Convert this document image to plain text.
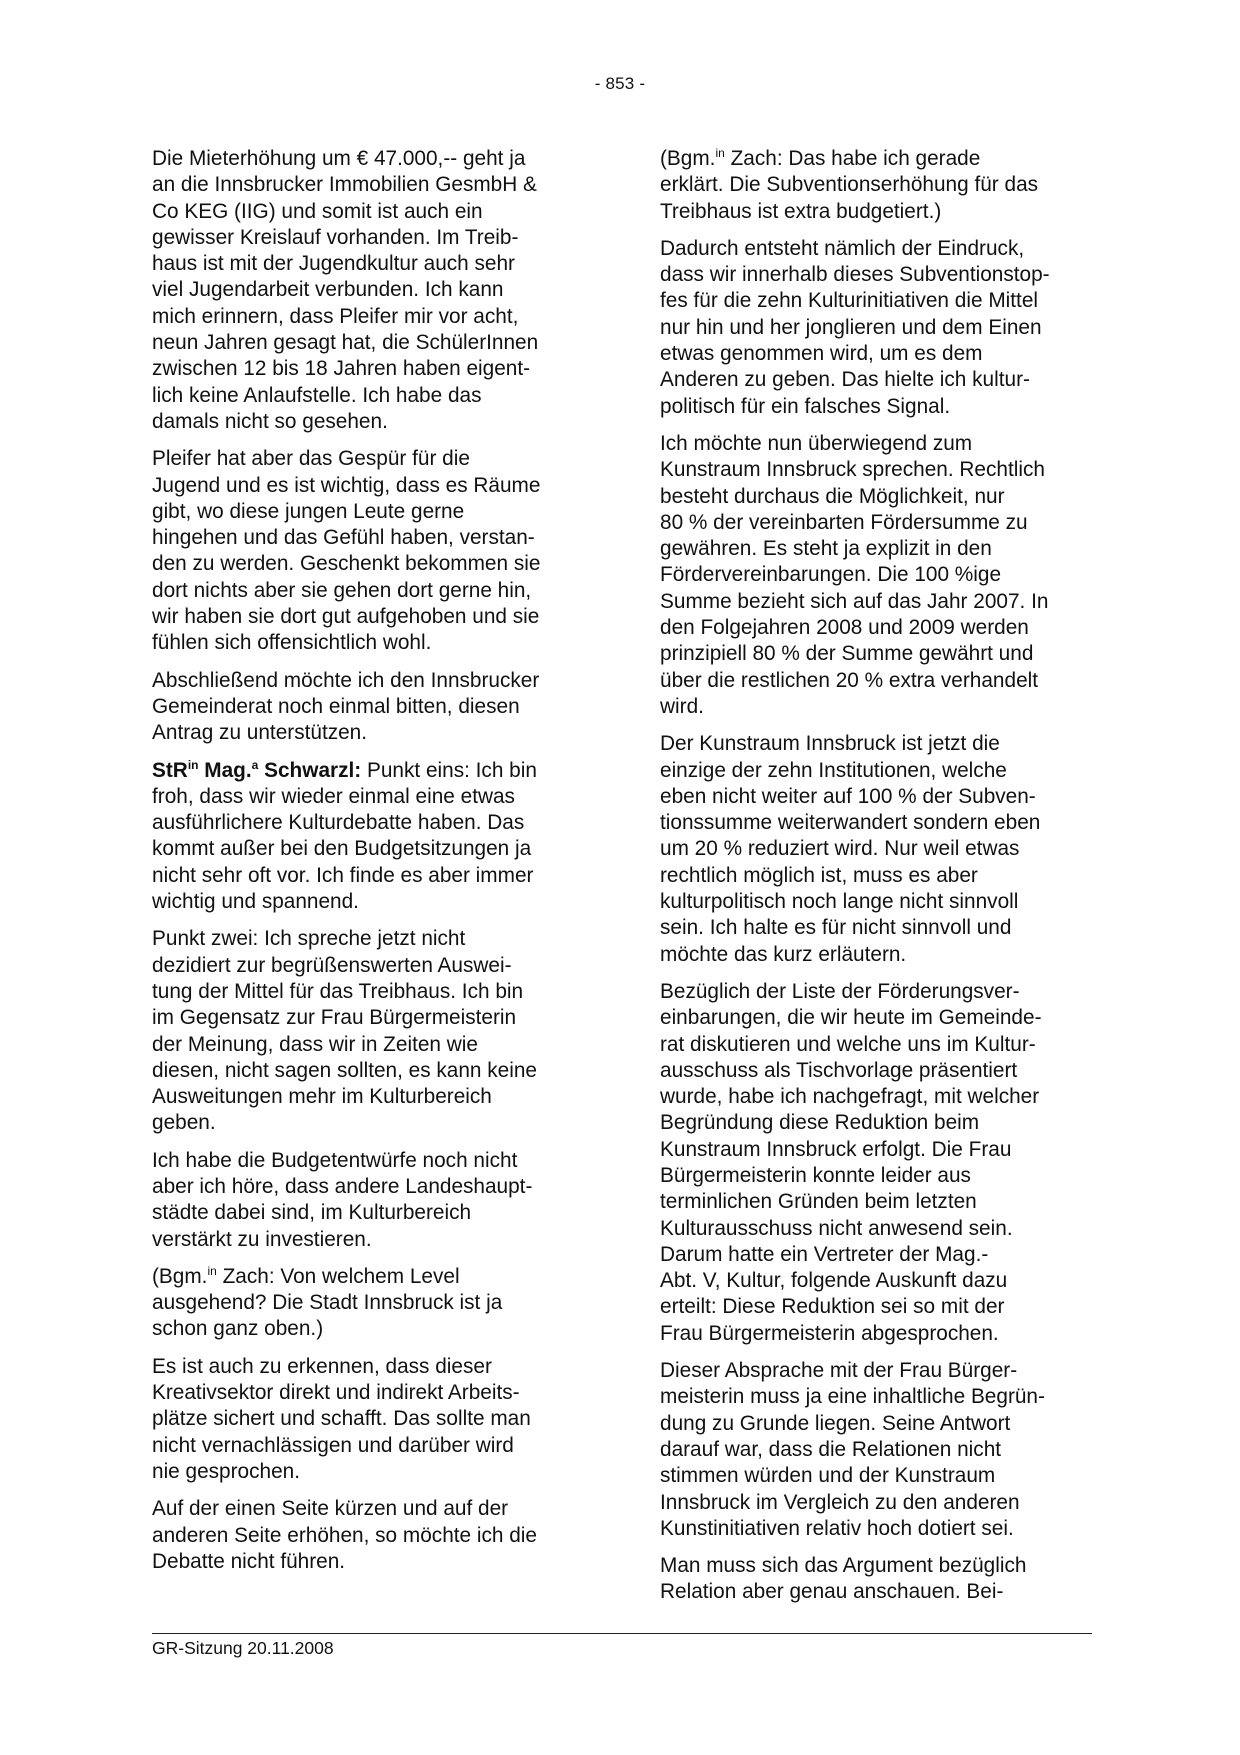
- 853 -
Die Mieterhöhung um € 47.000,-- geht ja
an die Innsbrucker Immobilien GesmbH &
Co KEG (IIG) und somit ist auch ein
gewisser Kreislauf vorhanden. Im Treib-
haus ist mit der Jugendkultur auch sehr
viel Jugendarbeit verbunden. Ich kann
mich erinnern, dass Pleifer mir vor acht,
neun Jahren gesagt hat, die SchülerInnen
zwischen 12 bis 18 Jahren haben eigent-
lich keine Anlaufstelle. Ich habe das
damals nicht so gesehen.
Pleifer hat aber das Gespür für die
Jugend und es ist wichtig, dass es Räume
gibt, wo diese jungen Leute gerne
hingehen und das Gefühl haben, verstan-
den zu werden. Geschenkt bekommen sie
dort nichts aber sie gehen dort gerne hin,
wir haben sie dort gut aufgehoben und sie
fühlen sich offensichtlich wohl.
Abschließend möchte ich den Innsbrucker
Gemeinderat noch einmal bitten, diesen
Antrag zu unterstützen.
StR$^{in}$ Mag.$^a$ Schwarzl: Punkt eins: Ich bin
froh, dass wir wieder einmal eine etwas
ausführlichere Kulturdebatte haben. Das
kommt außer bei den Budgetsitzungen ja
nicht sehr oft vor. Ich finde es aber immer
wichtig und spannend.
Punkt zwei: Ich spreche jetzt nicht
dezidiert zur begrüßenswerten Auswei-
tung der Mittel für das Treibhaus. Ich bin
im Gegensatz zur Frau Bürgermeisterin
der Meinung, dass wir in Zeiten wie
diesen, nicht sagen sollten, es kann keine
Ausweitungen mehr im Kulturbereich
geben.
Ich habe die Budgetentwürfe noch nicht
aber ich höre, dass andere Landeshaupt-
städte dabei sind, im Kulturbereich
verstärkt zu investieren.
(Bgm.$^{in}$ Zach: Von welchem Level
ausgehend? Die Stadt Innsbruck ist ja
schon ganz oben.)
Es ist auch zu erkennen, dass dieser
Kreativsektor direkt und indirekt Arbeits-
plätze sichert und schafft. Das sollte man
nicht vernachlässigen und darüber wird
nie gesprochen.
Auf der einen Seite kürzen und auf der
anderen Seite erhöhen, so möchte ich die
Debatte nicht führen.
(Bgm.$^{in}$ Zach: Das habe ich gerade
erklärt. Die Subventionserhöhung für das
Treibhaus ist extra budgetiert.)
Dadurch entsteht nämlich der Eindruck,
dass wir innerhalb dieses Subventionstop-
fes für die zehn Kulturinitiativen die Mittel
nur hin und her jonglieren und dem Einen
etwas genommen wird, um es dem
Anderen zu geben. Das hielte ich kultur-
politisch für ein falsches Signal.
Ich möchte nun überwiegend zum
Kunstraum Innsbruck sprechen. Rechtlich
besteht durchaus die Möglichkeit, nur
80 % der vereinbarten Fördersumme zu
gewähren. Es steht ja explizit in den
Fördervereinbarungen. Die 100 %ige
Summe bezieht sich auf das Jahr 2007. In
den Folgejahren 2008 und 2009 werden
prinzipiell 80 % der Summe gewährt und
über die restlichen 20 % extra verhandelt
wird.
Der Kunstraum Innsbruck ist jetzt die
einzige der zehn Institutionen, welche
eben nicht weiter auf 100 % der Subven-
tionssumme weiterwandert sondern eben
um 20 % reduziert wird. Nur weil etwas
rechtlich möglich ist, muss es aber
kulturpolitisch noch lange nicht sinnvoll
sein. Ich halte es für nicht sinnvoll und
möchte das kurz erläutern.
Bezüglich der Liste der Förderungsver-
einbarungen, die wir heute im Gemeinde-
rat diskutieren und welche uns im Kultur-
ausschuss als Tischvorlage präsentiert
wurde, habe ich nachgefragt, mit welcher
Begründung diese Reduktion beim
Kunstraum Innsbruck erfolgt. Die Frau
Bürgermeisterin konnte leider aus
terminlichen Gründen beim letzten
Kulturausschuss nicht anwesend sein.
Darum hatte ein Vertreter der Mag.-
Abt. V, Kultur, folgende Auskunft dazu
erteilt: Diese Reduktion sei so mit der
Frau Bürgermeisterin abgesprochen.
Dieser Absprache mit der Frau Bürger-
meisterin muss ja eine inhaltliche Begrün-
dung zu Grunde liegen. Seine Antwort
darauf war, dass die Relationen nicht
stimmen würden und der Kunstraum
Innsbruck im Vergleich zu den anderen
Kunstinitiativen relativ hoch dotiert sei.
Man muss sich das Argument bezüglich
Relation aber genau anschauen. Bei-
GR-Sitzung 20.11.2008
